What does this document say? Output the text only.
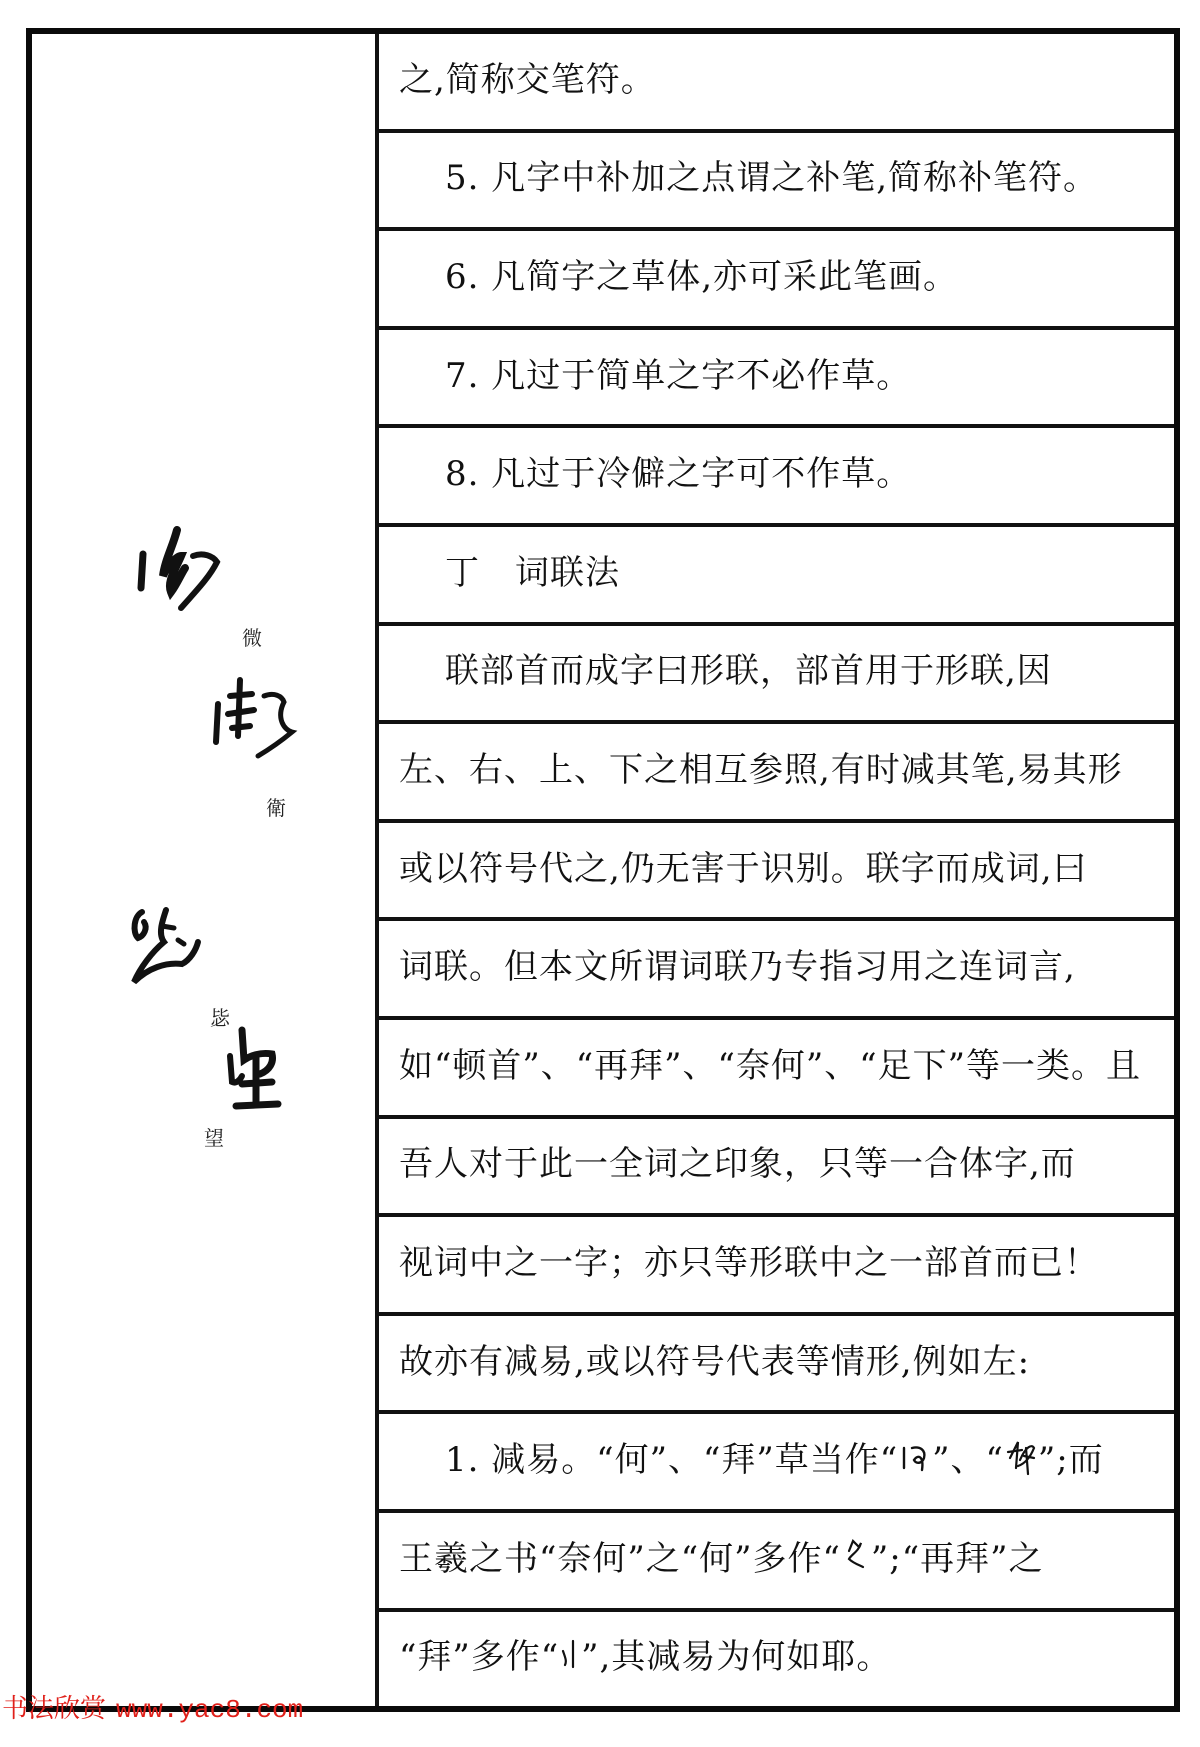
微
衛
毖
望
之,简称交笔符。
5. 凡字中补加之点谓之补笔,简称补笔符。
6. 凡简字之草体,亦可采此笔画。
7. 凡过于简单之字不必作草。
8. 凡过于冷僻之字可不作草。
丁　词联法
联部首而成字曰形联，部首用于形联,因
左、右、上、下之相互参照,有时减其笔,易其形
或以符号代之,仍无害于识别。联字而成词,曰
词联。但本文所谓词联乃专指习用之连词言,
如“顿首”、“再拜”、“奈何”、“足下”等一类。且
吾人对于此一全词之印象，只等一合体字,而
视词中之一字；亦只等形联中之一部首而已！
故亦有减易,或以符号代表等情形,例如左:
1. 减易。“何”、“拜”草当作“ ”、“ ”;而
王羲之书“奈何”之“何”多作“ ”;“再拜”之
“拜”多作“ ”,其减易为何如耶。
书法欣赏 www.yac8.com
